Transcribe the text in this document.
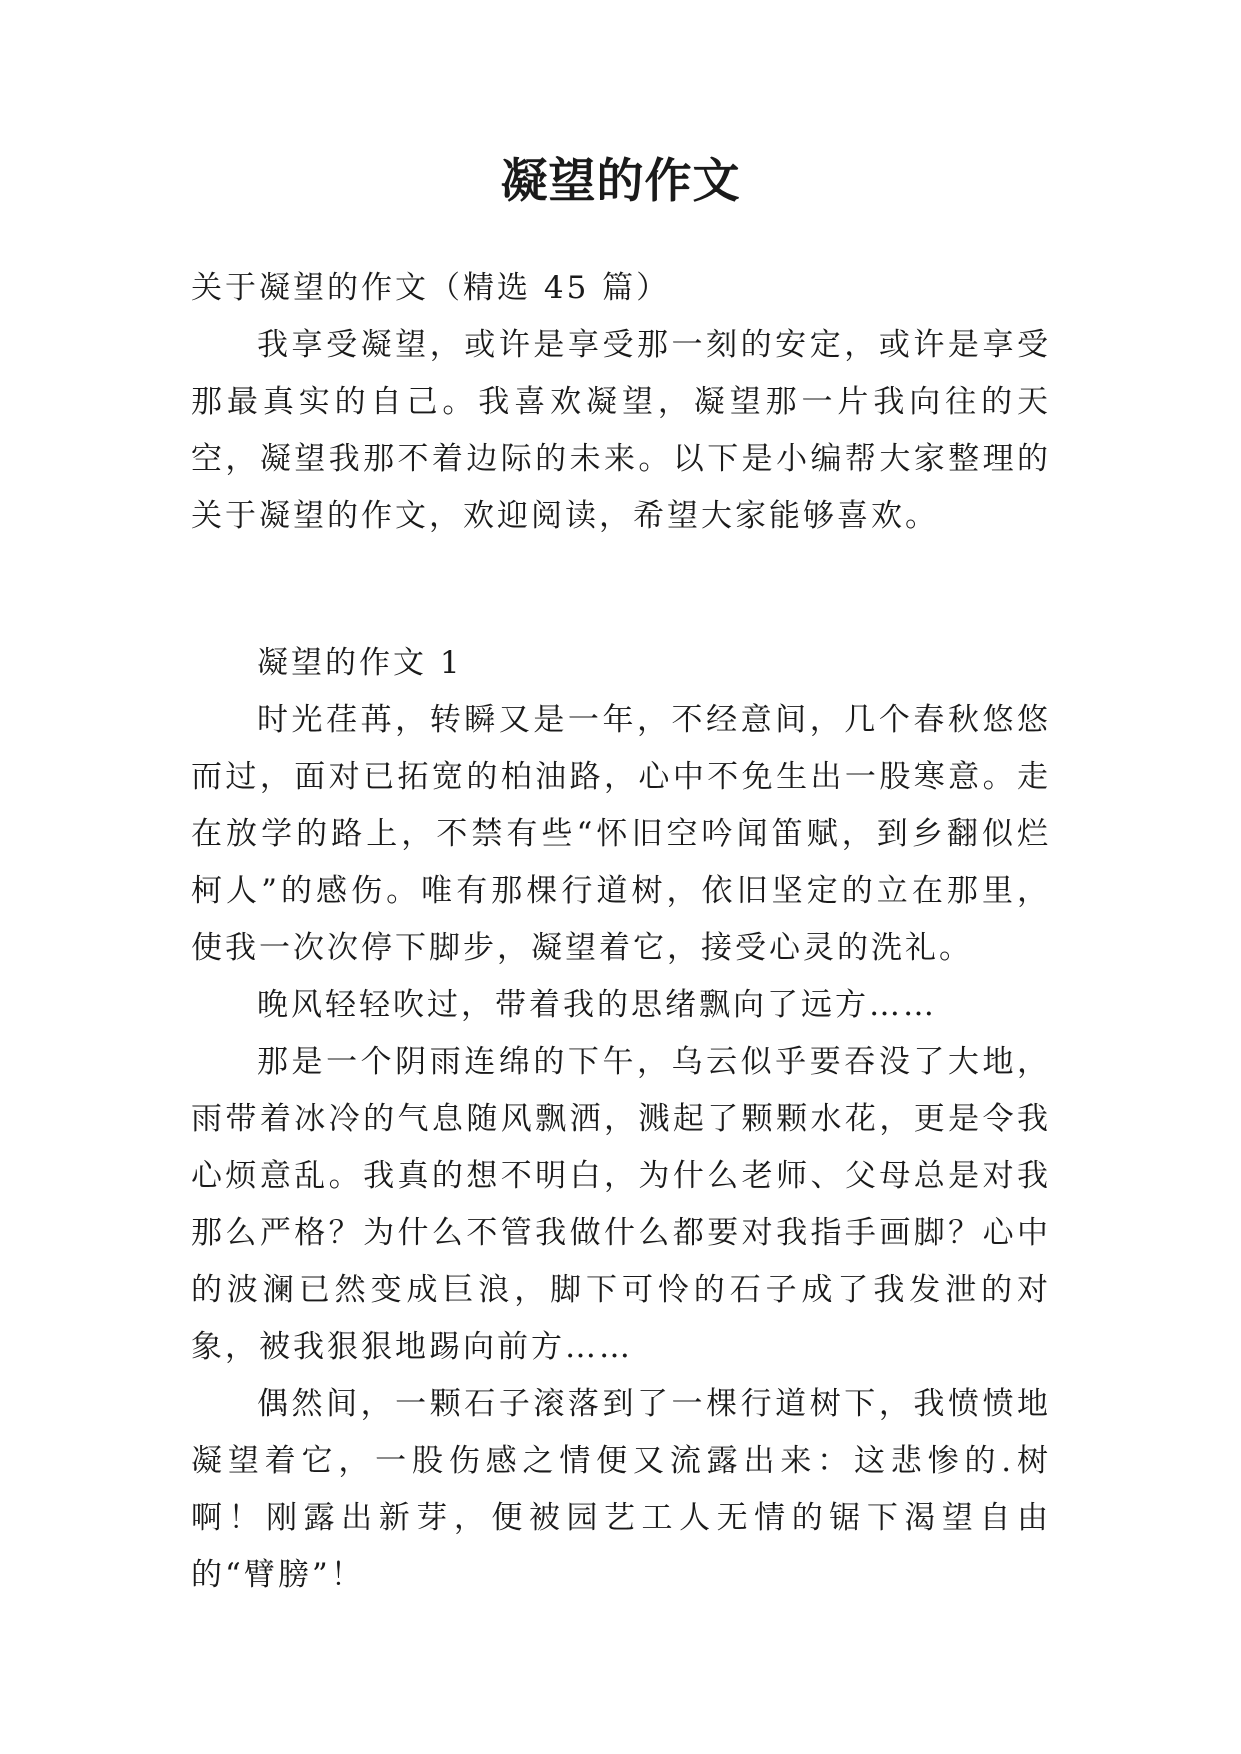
凝望的作文

关于凝望的作文（精选 45 篇）

我享受凝望，或许是享受那一刻的安定，或许是享受那最真实的自己。我喜欢凝望，凝望那一片我向往的天空，凝望我那不着边际的未来。以下是小编帮大家整理的关于凝望的作文，欢迎阅读，希望大家能够喜欢。

凝望的作文 1

时光荏苒，转瞬又是一年，不经意间，几个春秋悠悠而过，面对已拓宽的柏油路，心中不免生出一股寒意。走在放学的路上，不禁有些“怀旧空吟闻笛赋，到乡翻似烂柯人”的感伤。唯有那棵行道树，依旧坚定的立在那里，使我一次次停下脚步，凝望着它，接受心灵的洗礼。

晚风轻轻吹过，带着我的思绪飘向了远方……

那是一个阴雨连绵的下午，乌云似乎要吞没了大地，雨带着冰冷的气息随风飘洒，溅起了颗颗水花，更是令我心烦意乱。我真的想不明白，为什么老师、父母总是对我那么严格？为什么不管我做什么都要对我指手画脚？心中的波澜已然变成巨浪，脚下可怜的石子成了我发泄的对象，被我狠狠地踢向前方……

偶然间，一颗石子滚落到了一棵行道树下，我愤愤地凝望着它，一股伤感之情便又流露出来：这悲惨的.树啊！刚露出新芽，便被园艺工人无情的锯下渴望自由的“臂膀”！
